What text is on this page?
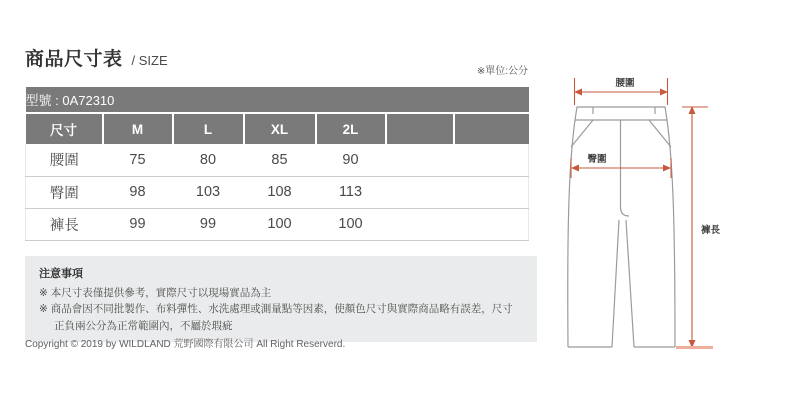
商品尺寸表 / SIZE
※單位:公分
型號 : 0A72310						
尺寸	M	L	XL	2L		
腰圍	75	80	85	90		
臀圍	98	103	108	113		
褲長	99	99	100	100		
注意事項
※ 本尺寸表僅提供參考，實際尺寸以現場實品為主
※ 商品會因不同批製作、布料彈性、水洗處理或測量點等因素，使顏色尺寸與實際商品略有誤差，尺寸正負兩公分為正常範圍內，不屬於瑕疵
Copyright © 2019 by WILDLAND 荒野國際有限公司 All Right Reserverd.
腰圍
臀圍
褲長
